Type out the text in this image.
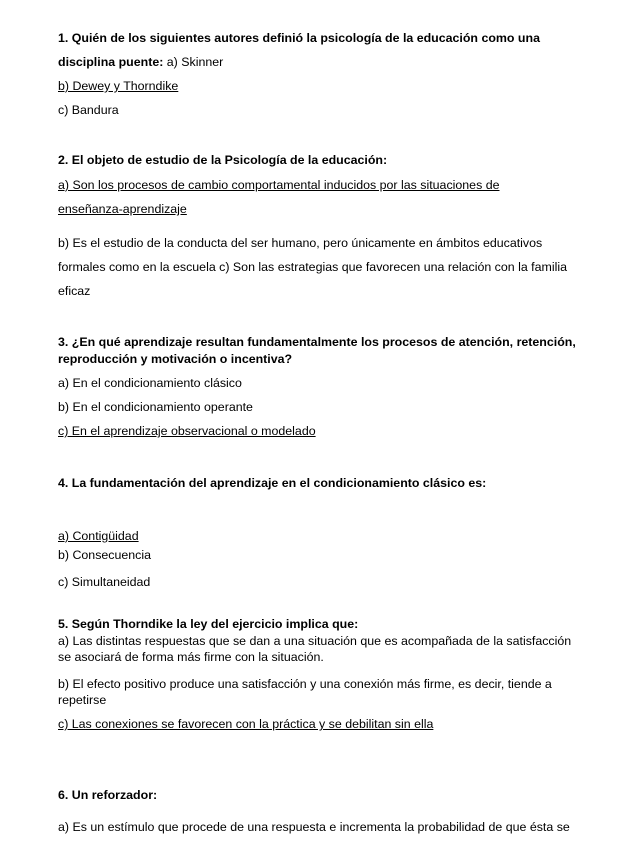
1. Quién de los siguientes autores definió la psicología de la educación como una
disciplina puente: a) Skinner
b) Dewey y Thorndike
c) Bandura
2. El objeto de estudio de la Psicología de la educación:
a) Son los procesos de cambio comportamental inducidos por las situaciones de
enseñanza-aprendizaje
b) Es el estudio de la conducta del ser humano, pero únicamente en ámbitos educativos
formales como en la escuela c) Son las estrategias que favorecen una relación con la familia
eficaz
3. ¿En qué aprendizaje resultan fundamentalmente los procesos de atención, retención,
reproducción y motivación o incentiva?
a) En el condicionamiento clásico
b) En el condicionamiento operante
c) En el aprendizaje observacional o modelado
4. La fundamentación del aprendizaje en el condicionamiento clásico es:
a) Contigüidad
b) Consecuencia
c) Simultaneidad
5. Según Thorndike la ley del ejercicio implica que:
a) Las distintas respuestas que se dan a una situación que es acompañada de la satisfacción
se asociará de forma más firme con la situación.
b) El efecto positivo produce una satisfacción y una conexión más firme, es decir, tiende a
repetirse
c) Las conexiones se favorecen con la práctica y se debilitan sin ella
6. Un reforzador:
a) Es un estímulo que procede de una respuesta e incrementa la probabilidad de que ésta se
